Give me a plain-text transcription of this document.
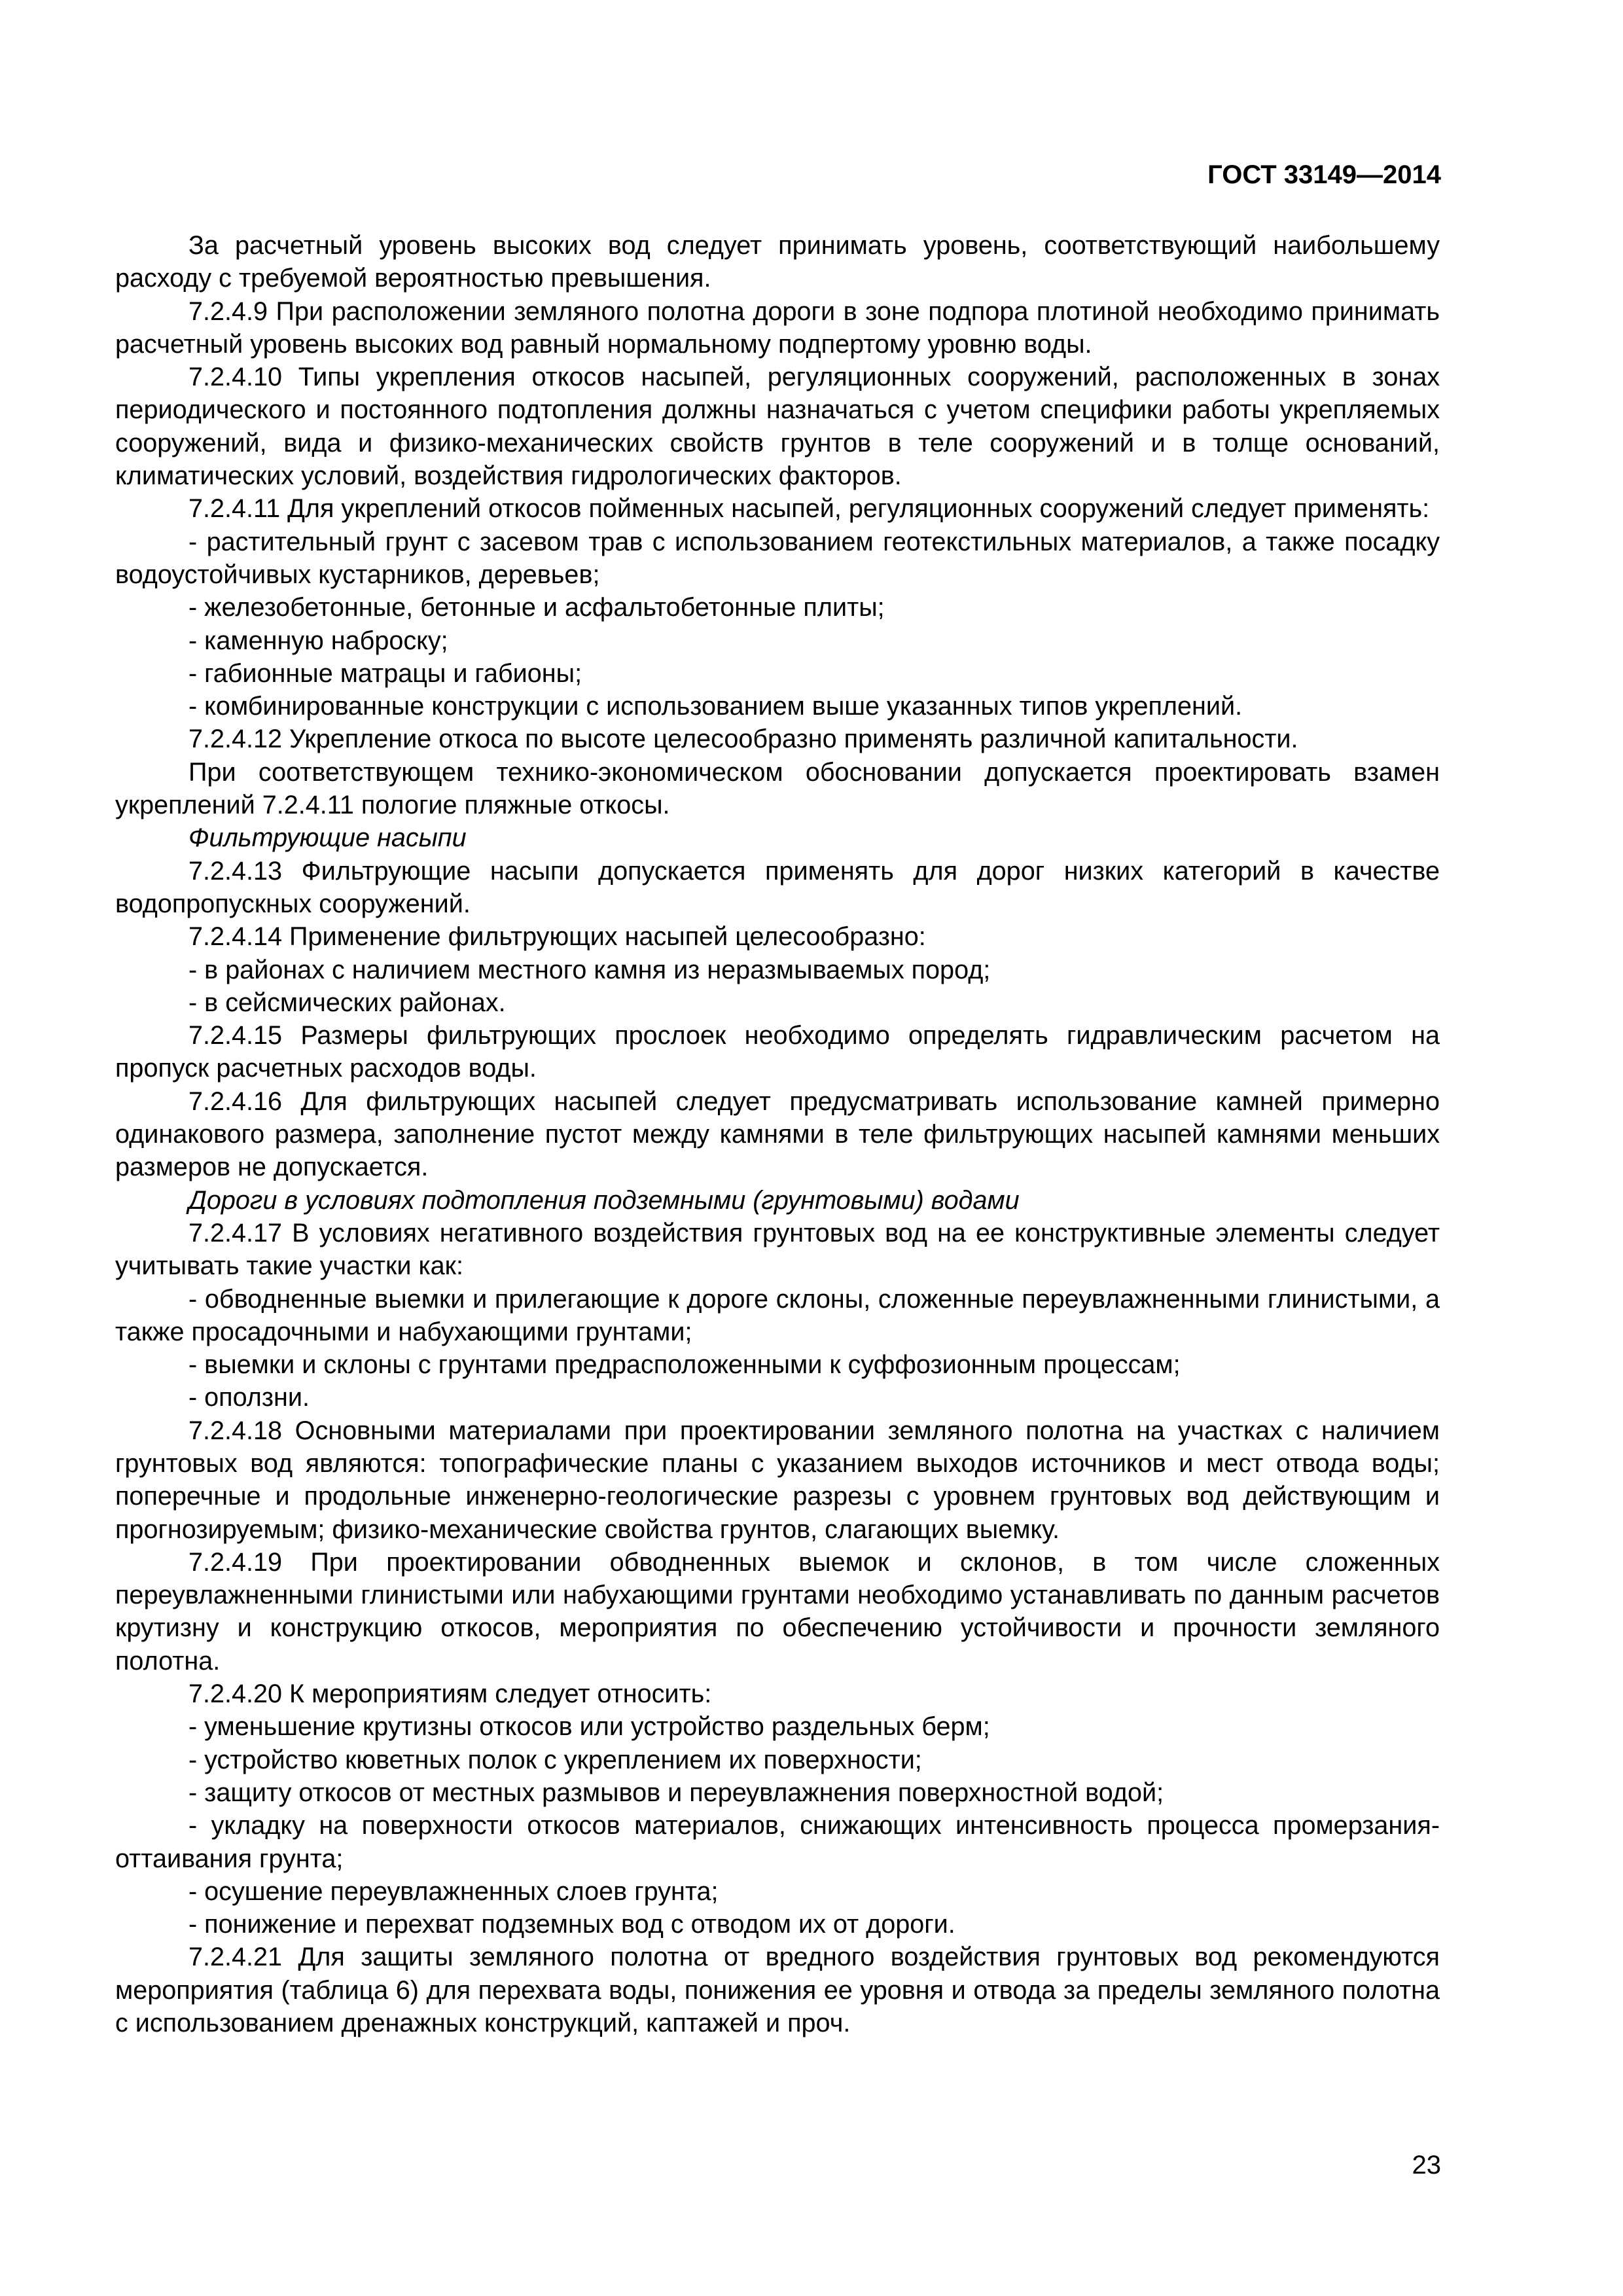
ГОСТ 33149—2014

За расчетный уровень высоких вод следует принимать уровень, соответствующий наибольшему расходу с требуемой вероятностью превышения.

7.2.4.9 При расположении земляного полотна дороги в зоне подпора плотиной необходимо принимать расчетный уровень высоких вод равный нормальному подпертому уровню воды.

7.2.4.10 Типы укрепления откосов насыпей, регуляционных сооружений, расположенных в зонах периодического и постоянного подтопления должны назначаться с учетом специфики работы укрепляемых сооружений, вида и физико-механических свойств грунтов в теле сооружений и в толще оснований, климатических условий, воздействия гидрологических факторов.

7.2.4.11 Для укреплений откосов пойменных насыпей, регуляционных сооружений следует применять:

- растительный грунт с засевом трав с использованием геотекстильных материалов, а также посадку водоустойчивых кустарников, деревьев;

- железобетонные, бетонные и асфальтобетонные плиты;

- каменную наброску;

- габионные матрацы и габионы;

- комбинированные конструкции с использованием выше указанных типов укреплений.

7.2.4.12 Укрепление откоса по высоте целесообразно применять различной капитальности.

При соответствующем технико-экономическом обосновании допускается проектировать взамен укреплений 7.2.4.11 пологие пляжные откосы.

Фильтрующие насыпи

7.2.4.13 Фильтрующие насыпи допускается применять для дорог низких категорий в качестве водопропускных сооружений.

7.2.4.14 Применение фильтрующих насыпей целесообразно:

- в районах с наличием местного камня из неразмываемых пород;

- в сейсмических районах.

7.2.4.15 Размеры фильтрующих прослоек необходимо определять гидравлическим расчетом на пропуск расчетных расходов воды.

7.2.4.16 Для фильтрующих насыпей следует предусматривать использование камней примерно одинакового размера, заполнение пустот между камнями в теле фильтрующих насыпей камнями меньших размеров не допускается.

Дороги в условиях подтопления подземными (грунтовыми) водами

7.2.4.17 В условиях негативного воздействия грунтовых вод на ее конструктивные элементы следует учитывать такие участки как:

- обводненные выемки и прилегающие к дороге склоны, сложенные переувлажненными глинистыми, а также просадочными и набухающими грунтами;

- выемки и склоны с грунтами предрасположенными к суффозионным процессам;

- оползни.

7.2.4.18 Основными материалами при проектировании земляного полотна на участках с наличием грунтовых вод являются: топографические планы с указанием выходов источников и мест отвода воды; поперечные и продольные инженерно-геологические разрезы с уровнем грунтовых вод действующим и прогнозируемым; физико-механические свойства грунтов, слагающих выемку.

7.2.4.19 При проектировании обводненных выемок и склонов, в том числе сложенных переувлажненными глинистыми или набухающими грунтами необходимо устанавливать по данным расчетов крутизну и конструкцию откосов, мероприятия по обеспечению устойчивости и прочности земляного полотна.

7.2.4.20 К мероприятиям следует относить:

- уменьшение крутизны откосов или устройство раздельных берм;

- устройство кюветных полок с укреплением их поверхности;

- защиту откосов от местных размывов и переувлажнения поверхностной водой;

- укладку на поверхности откосов материалов, снижающих интенсивность процесса промерзания-оттаивания грунта;

- осушение переувлажненных слоев грунта;

- понижение и перехват подземных вод с отводом их от дороги.

7.2.4.21 Для защиты земляного полотна от вредного воздействия грунтовых вод рекомендуются мероприятия (таблица 6) для перехвата воды, понижения ее уровня и отвода за пределы земляного полотна с использованием дренажных конструкций, каптажей и проч.

23
